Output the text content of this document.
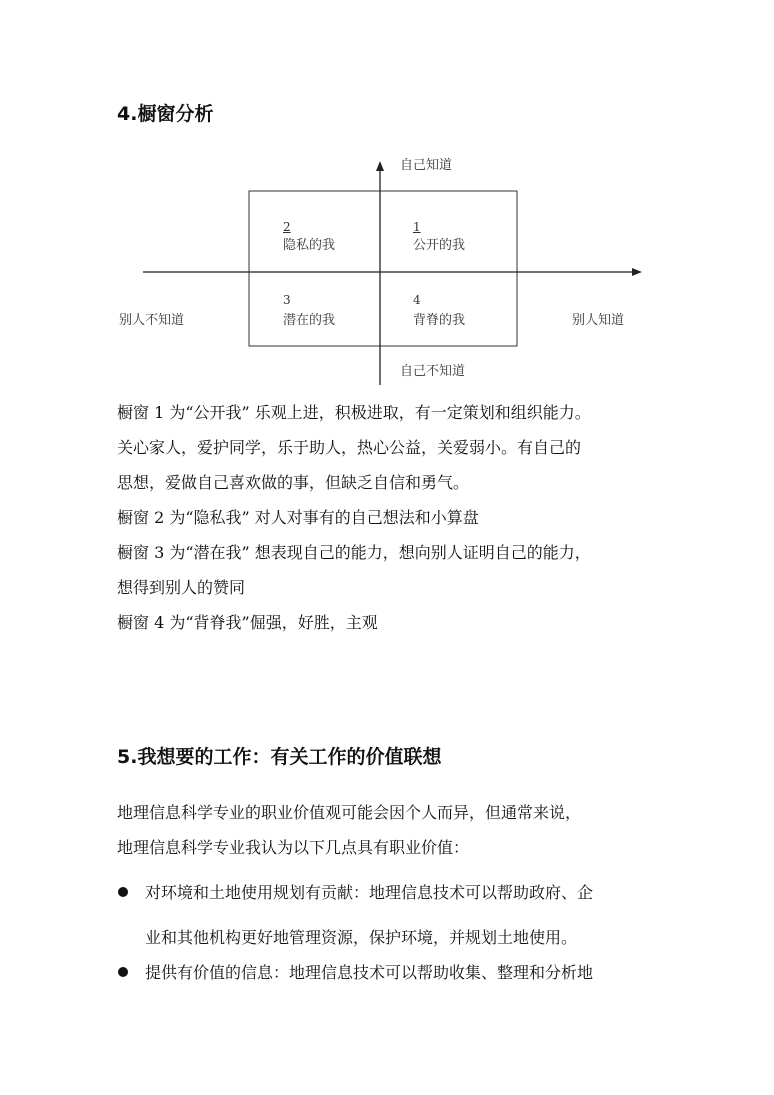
4.橱窗分析
自己知道
自己不知道
别人不知道	别人知道
2
隐私的我
1
公开的我
3
潜在的我
4
背脊的我

橱窗 1 为“公开我” 乐观上进，积极进取，有一定策划和组织能力。

关心家人，爱护同学，乐于助人，热心公益，关爱弱小。有自己的

思想，爱做自己喜欢做的事，但缺乏自信和勇气。

橱窗 2 为“隐私我” 对人对事有的自己想法和小算盘

橱窗 3 为“潜在我” 想表现自己的能力，想向别人证明自己的能力，

想得到别人的赞同

橱窗 4 为“背脊我”倔强，好胜，主观

5.我想要的工作：有关工作的价值联想

地理信息科学专业的职业价值观可能会因个人而异，但通常来说，

地理信息科学专业我认为以下几点具有职业价值：

对环境和土地使用规划有贡献：地理信息技术可以帮助政府、企
业和其他机构更好地管理资源，保护环境，并规划土地使用。
提供有价值的信息：地理信息技术可以帮助收集、整理和分析地
